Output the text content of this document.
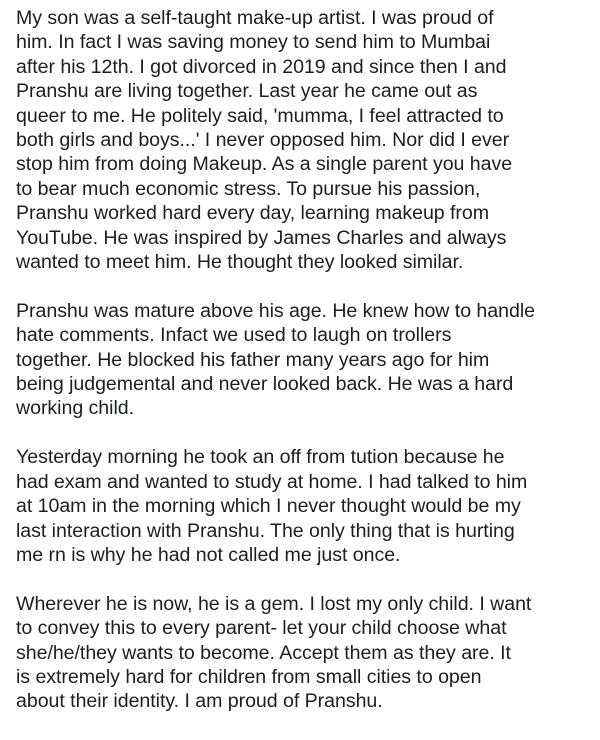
My son was a self-taught make-up artist. I was proud of
him. In fact I was saving money to send him to Mumbai
after his 12th. I got divorced in 2019 and since then I and
Pranshu are living together. Last year he came out as
queer to me. He politely said, 'mumma, I feel attracted to
both girls and boys...' I never opposed him. Nor did I ever
stop him from doing Makeup. As a single parent you have
to bear much economic stress. To pursue his passion,
Pranshu worked hard every day, learning makeup from
YouTube. He was inspired by James Charles and always
wanted to meet him. He thought they looked similar.

Pranshu was mature above his age. He knew how to handle
hate comments. Infact we used to laugh on trollers
together. He blocked his father many years ago for him
being judgemental and never looked back. He was a hard
working child.

Yesterday morning he took an off from tution because he
had exam and wanted to study at home. I had talked to him
at 10am in the morning which I never thought would be my
last interaction with Pranshu. The only thing that is hurting
me rn is why he had not called me just once.

Wherever he is now, he is a gem. I lost my only child. I want
to convey this to every parent- let your child choose what
she/he/they wants to become. Accept them as they are. It
is extremely hard for children from small cities to open
about their identity. I am proud of Pranshu.
